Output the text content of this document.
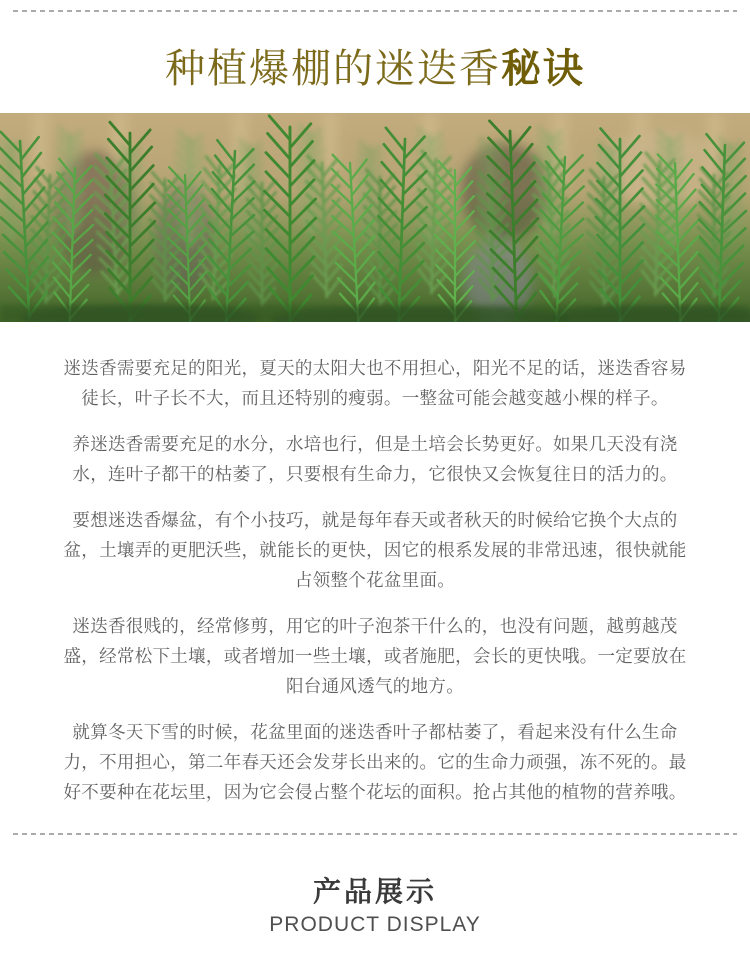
种植爆棚的迷迭香秘诀

迷迭香需要充足的阳光，夏天的太阳大也不用担心，阳光不足的话，迷迭香容易徒长，叶子长不大，而且还特别的瘦弱。一整盆可能会越变越小棵的样子。

养迷迭香需要充足的水分，水培也行，但是土培会长势更好。如果几天没有浇水，连叶子都干的枯萎了，只要根有生命力，它很快又会恢复往日的活力的。

要想迷迭香爆盆，有个小技巧，就是每年春天或者秋天的时候给它换个大点的盆，土壤弄的更肥沃些，就能长的更快，因它的根系发展的非常迅速，很快就能占领整个花盆里面。

迷迭香很贱的，经常修剪，用它的叶子泡茶干什么的，也没有问题，越剪越茂盛，经常松下土壤，或者增加一些土壤，或者施肥，会长的更快哦。一定要放在阳台通风透气的地方。

就算冬天下雪的时候，花盆里面的迷迭香叶子都枯萎了，看起来没有什么生命力，不用担心，第二年春天还会发芽长出来的。它的生命力顽强，冻不死的。最好不要种在花坛里，因为它会侵占整个花坛的面积。抢占其他的植物的营养哦。

产品展示
PRODUCT DISPLAY
